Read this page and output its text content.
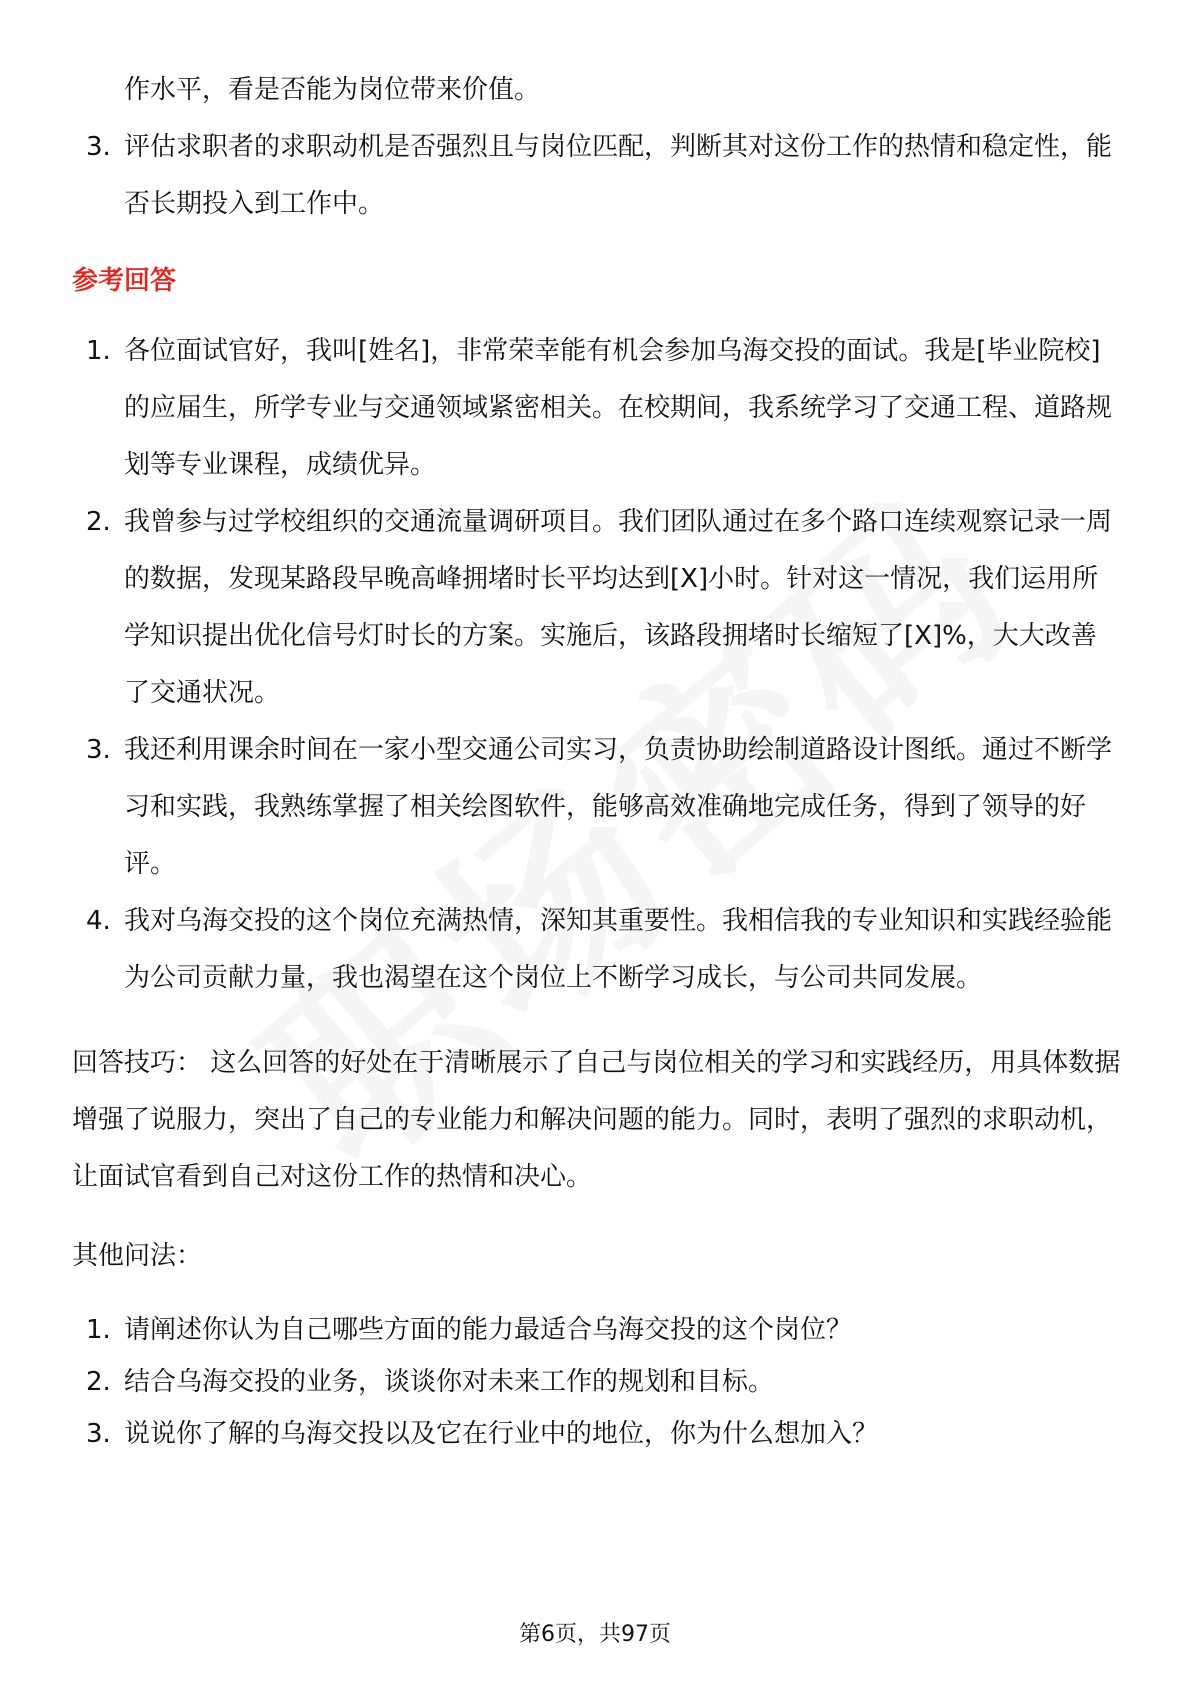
作水平，看是否能为岗位带来价值。
3. 评估求职者的求职动机是否强烈且与岗位匹配，判断其对这份工作的热情和稳定性，能否长期投入到工作中。
参考回答
1. 各位面试官好，我叫[姓名]，非常荣幸能有机会参加乌海交投的面试。我是[毕业院校]的应届生，所学专业与交通领域紧密相关。在校期间，我系统学习了交通工程、道路规划等专业课程，成绩优异。
2. 我曾参与过学校组织的交通流量调研项目。我们团队通过在多个路口连续观察记录一周的数据，发现某路段早晚高峰拥堵时长平均达到[X]小时。针对这一情况，我们运用所学知识提出优化信号灯时长的方案。实施后，该路段拥堵时长缩短了[X]%，大大改善了交通状况。
3. 我还利用课余时间在一家小型交通公司实习，负责协助绘制道路设计图纸。通过不断学习和实践，我熟练掌握了相关绘图软件，能够高效准确地完成任务，得到了领导的好评。
4. 我对乌海交投的这个岗位充满热情，深知其重要性。我相信我的专业知识和实践经验能为公司贡献力量，我也渴望在这个岗位上不断学习成长，与公司共同发展。
回答技巧： 这么回答的好处在于清晰展示了自己与岗位相关的学习和实践经历，用具体数据增强了说服力，突出了自己的专业能力和解决问题的能力。同时，表明了强烈的求职动机，让面试官看到自己对这份工作的热情和决心。
其他问法：
1. 请阐述你认为自己哪些方面的能力最适合乌海交投的这个岗位？
2. 结合乌海交投的业务，谈谈你对未来工作的规划和目标。
3. 说说你了解的乌海交投以及它在行业中的地位，你为什么想加入？
第6页，共97页
